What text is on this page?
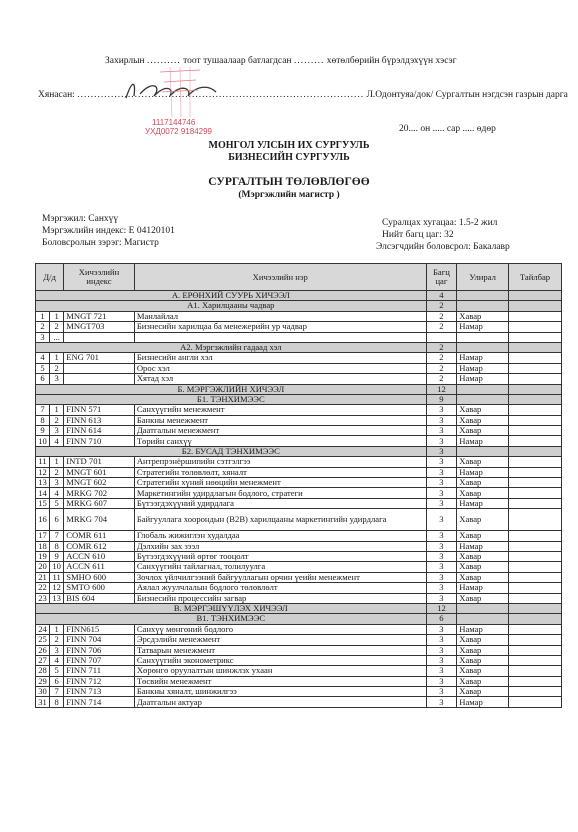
Захирлын .......... тоот тушаалаар батлагдсан ......... хөтөлбөрийн бүрэлдэхүүн хэсэг
Хянасан: ..................................................................................... Л.Одонтуяа/док/ Сургалтын нэгдсэн газрын дарга
1117144746
УХД0072 9184299	20.... он ..... сар ..... өдөр
МОНГОЛ УЛСЫН ИХ СУРГУУЛЬ
БИЗНЕСИЙН СУРГУУЛЬ
СУРГАЛТЫН ТӨЛӨВЛӨГӨӨ
(Мэргэжлийн магистр )
Мэргэжил: Санхүү
Мэргэжлийн индекс: Е 04120101
Боловсролын зэрэг: Магистр
Суралцах хугацаа: 1.5-2 жил
Нийт багц цаг: 32
Элсэгчдийн боловсрол: Бакалавр
Д/д		Хичээлийн индекс	Хичээлийн нэр	Багц цаг	Улирал	Тайлбар
А. ЕРӨНХИЙ СУУРЬ ХИЧЭЭЛ				4		
А1. Харилцааны чадвар				2		
1	1	MNGT 721	Манлайлал	2	Хавар	
2	2	MNGT703	Бизнесийн харилцаа ба менежерийн ур чадвар	2	Намар	
3	...					
А2. Мэргэжлийн гадаад хэл				2		
4	1	ENG 701	Бизнесийн англи хэл	2	Намар	
5	2		Орос хэл	2	Намар	
6	3		Хятад хэл	2	Намар	
Б. МЭРГЭЖЛИЙН ХИЧЭЭЛ				12		
Б1. ТЭНХИМЭЭС				9		
7	1	FINN 571	Санхүүгийн менежмент	3	Хавар	
8	2	FINN 613	Банкны менежмент	3	Хавар	
9	3	FINN 614	Даатгалын менежмент	3	Хавар	
10	4	FINN 710	Төрийн санхүү	3	Намар	
Б2. БУСАД ТЭНХИМЭЭС				3		
11	1	INTD 701	Антрепрэнёршипийн сэтгэлгээ	3	Хавар	
12	2	MNGT 601	Стратегийн төлөвлөлт, хяналт	3	Намар	
13	3	MNGT 602	Стратегийн хүний нөөцийн менежмент	3	Хавар	
14	4	MRKG 702	Маркетингийн удирдлагын бодлого, стратеги	3	Хавар	
15	5	MRKG 607	Бүтээгдэхүүний удирдлага	3	Намар	
16	6	MRKG 704	Байгууллага хоорондын (B2B) харилцааны маркетингийн удирдлага	3	Хавар	
17	7	COMR 611	Глобаль жижиглэн худалдаа	3	Хавар	
18	8	COMR 612	Дэлхийн зах зээл	3	Намар	
19	9	ACCN 610	Бүтээгдэхүүний өртөг тооцолт	3	Хавар	
20	10	ACCN 611	Санхүүгийн тайлагнал, толилуулга	3	Хавар	
21	11	SMHO 600	Зочлох үйлчилгээний байгууллагын орчин үеийн менежмент	3	Хавар	
22	12	SMTO 600	Аялал жуулчлалын бодлого төлөвлөлт	3	Намар	
23	13	BIS 604	Бизнесийн процессийн загвар	3	Хавар	
В. МЭРГЭШҮҮЛЭХ ХИЧЭЭЛ				12		
В1. ТЭНХИМЭЭС				6		
24	1	FINN615	Санхүү мөнгөний бодлого	3	Намар	
25	2	FINN 704	Эрсдэлийн менежмент	3	Хавар	
26	3	FINN 706	Татварын менежмент	3	Хавар	
27	4	FINN 707	Санхүүгийн эконометрикс	3	Хавар	
28	5	FINN 711	Хөрөнгө оруулалтын шинжлэх ухаан	3	Хавар	
29	6	FINN 712	Төсвийн менежмент	3	Хавар	
30	7	FINN 713	Банкны хяналт, шинжилгээ	3	Хавар	
31	8	FINN 714	Даатгалын актуар	3	Намар	
